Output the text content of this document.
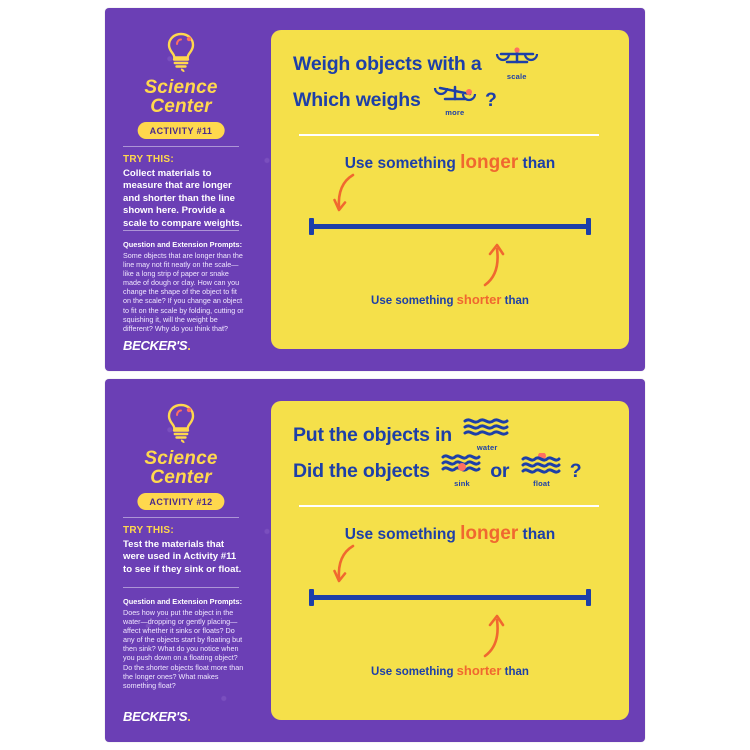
Science
Center
ACTIVITY #11
TRY THIS:
Collect materials to measure that are longer and shorter than the line shown here. Provide a scale to compare weights.
Question and Extension Prompts:
Some objects that are longer than the line may not fit neatly on the scale—like a long strip of paper or snake made of dough or clay. How can you change the shape of the object to fit on the scale? If you change an object to fit on the scale by folding, cutting or squishing it, will the weight be different? Why do you think that?
BECKER'S.
Weigh objects with a
scale
Which weighs
more
?
Use something longer than
Use something shorter than
Science
Center
ACTIVITY #12
TRY THIS:
Test the materials that were used in Activity #11 to see if they sink or float.
Question and Extension Prompts:
Does how you put the object in the water—dropping or gently placing—affect whether it sinks or floats? Do any of the objects start by floating but then sink? What do you notice when you push down on a floating object? Do the shorter objects float more than the longer ones? What makes something float?
BECKER'S.
Put the objects in
water
Did the objects
sink
or
float
?
Use something longer than
Use something shorter than
